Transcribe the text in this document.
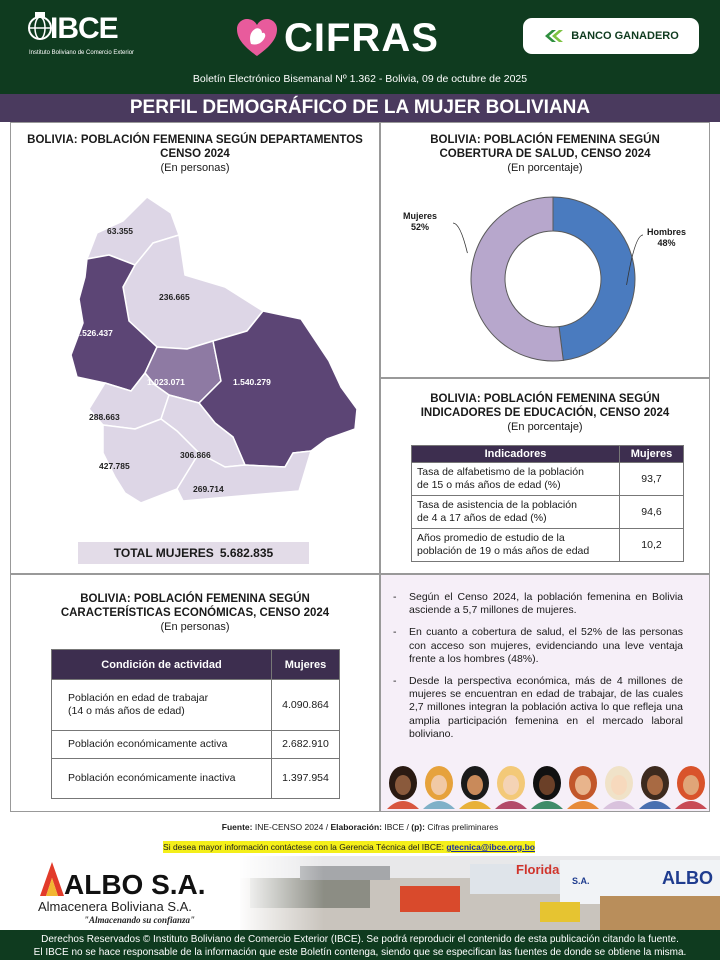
IBCE
Instituto Boliviano de Comercio Exterior	CIFRAS	BANCO GANADERO
Boletín Electrónico Bisemanal Nº 1.362 - Bolivia, 09 de octubre de 2025
PERFIL DEMOGRÁFICO DE LA MUJER BOLIVIANA
BOLIVIA: POBLACIÓN FEMENINA SEGÚN DEPARTAMENTOS
CENSO 2024
(En personas)
63.355
236.665
1.526.437
1.023.071	1.540.279
288.663
306.866
427.785
269.714
TOTAL MUJERES 5.682.835
BOLIVIA: POBLACIÓN FEMENINA SEGÚN
COBERTURA DE SALUD, CENSO 2024
(En porcentaje)
Mujeres
52%	Hombres
48%
BOLIVIA: POBLACIÓN FEMENINA SEGÚN
INDICADORES DE EDUCACIÓN, CENSO 2024
(En porcentaje)
Indicadores	Mujeres

Tasa de alfabetismo de la población
de 15 o más años de edad (%)	93,7

Tasa de asistencia de la población
de 4 a 17 años de edad (%)	94,6

Años promedio de estudio de la
población de 19 o más años de edad	10,2
BOLIVIA: POBLACIÓN FEMENINA SEGÚN
CARACTERÍSTICAS ECONÓMICAS, CENSO 2024
(En personas)
Condición de actividad	Mujeres

Población en edad de trabajar
(14 o más años de edad)	4.090.864
Población económicamente activa	2.682.910
Población económicamente inactiva	1.397.954
- Según el Censo 2024, la población femenina en Bolivia asciende a 5,7 millones de mujeres.
- En cuanto a cobertura de salud, el 52% de las personas con acceso son mujeres, evidenciando una leve ventaja frente a los hombres (48%).
- Desde la perspectiva económica, más de 4 millones de mujeres se encuentran en edad de trabajar, de las cuales 2,7 millones integran la población activa lo que refleja una amplia participación femenina en el mercado laboral boliviano.
Fuente: INE-CENSO 2024 / Elaboración: IBCE / (p): Cifras preliminares
Si desea mayor información contáctese con la Gerencia Técnica del IBCE: gtecnica@ibce.org.bo
Florida	ALBO
S.A.
ALBO S.A.
Almacenera Boliviana S.A.
"Almacenando su confianza"
Derechos Reservados © Instituto Boliviano de Comercio Exterior (IBCE). Se podrá reproducir el contenido de esta publicación citando la fuente.
El IBCE no se hace responsable de la información que este Boletín contenga, siendo que se especifican las fuentes de donde se obtiene la misma.
